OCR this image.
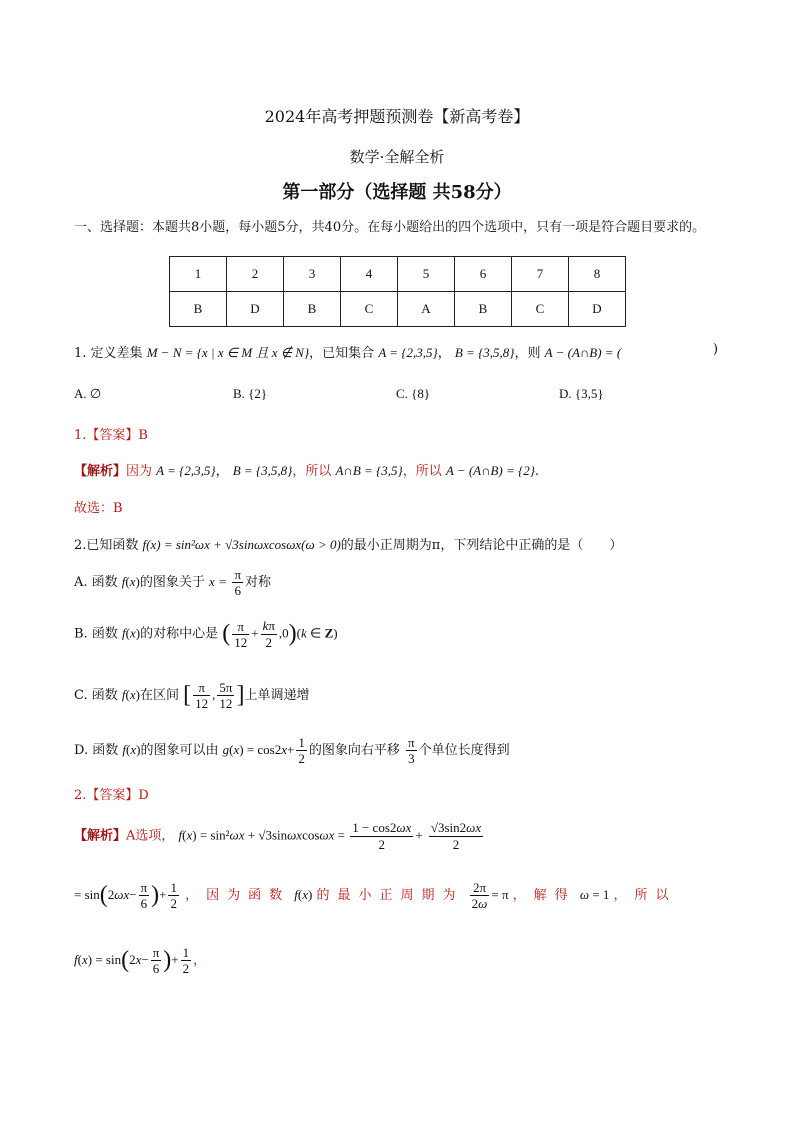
2024年高考押题预测卷【新高考卷】
数学·全解全析
第一部分（选择题 共58分）
一、选择题：本题共8小题，每小题5分，共40分。在每小题给出的四个选项中，只有一项是符合题目要求的。
1	2	3	4	5	6	7	8
B	D	B	C	A	B	C	D
1. 定义差集 M − N = {x | x ∈ M 且 x ∉ N}，已知集合 A = {2,3,5}， B = {3,5,8}，则 A − (A∩B) = (	)
A. ∅	B. {2}	C. {8}	D. {3,5}
1.【答案】B
【解析】因为 A = {2,3,5}， B = {3,5,8}，所以 A∩B = {3,5}，所以 A − (A∩B) = {2}.
故选：B
2.已知函数 f(x) = sin²ωx + √3sinωxcosωx(ω > 0)的最小正周期为π，下列结论中正确的是（　　）
A. 函数 f(x)的图象关于 $x = \frac{\pi}{6}$ 对称
B. 函数 f(x)的对称中心是 ( $\frac{\pi}{12} + \frac{k\pi}{2} ,0)(k$ ∈ Z)
C. 函数 f(x)在区间 [ $\frac{\pi}{12}$ , $\frac{5\pi}{12}$ ]上单调递增
D. 函数 f(x)的图象可以由 $g(x) = \cos 2x+ \frac{1}{2}$ 的图象向右平移 $\frac{\pi}{3}$ 个单位长度得到
2.【答案】D
【解析】A选项， $f(x) = \sin^2\omega x + √3\sin\omega xcos\omega x = \frac{1 - \cos 2\omega x}{2} + \frac{√3\sin 2\omega x}{2}$
= $\sin(2\omega x- \frac{\pi}{6}$ )+ $\frac{1}{2}$ ，因为函数 f(x) 的最小正周期为 $\frac{2\pi}{2\omega} = \pi$ ，解得 ω = 1 ，所以
$f(x) = \sin(2x- \frac{\pi}{6}$ )+ $\frac{1}{2}$ ，
